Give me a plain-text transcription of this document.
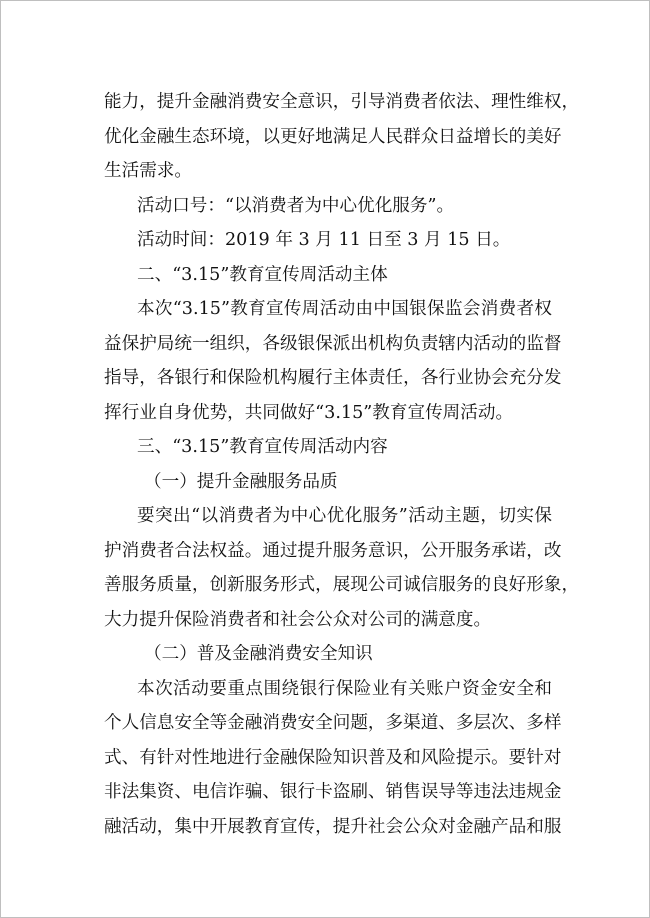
能力，提升金融消费安全意识，引导消费者依法、理性维权，
优化金融生态环境，以更好地满足人民群众日益增长的美好
生活需求。
活动口号：“以消费者为中心优化服务”。
活动时间：2019 年 3 月 11 日至 3 月 15 日。
二、“3.15”教育宣传周活动主体
本次“3.15”教育宣传周活动由中国银保监会消费者权
益保护局统一组织，各级银保派出机构负责辖内活动的监督
指导，各银行和保险机构履行主体责任，各行业协会充分发
挥行业自身优势，共同做好“3.15”教育宣传周活动。
三、“3.15”教育宣传周活动内容
（一）提升金融服务品质
要突出“以消费者为中心优化服务”活动主题，切实保
护消费者合法权益。通过提升服务意识，公开服务承诺，改
善服务质量，创新服务形式，展现公司诚信服务的良好形象，
大力提升保险消费者和社会公众对公司的满意度。
（二）普及金融消费安全知识
本次活动要重点围绕银行保险业有关账户资金安全和
个人信息安全等金融消费安全问题，多渠道、多层次、多样
式、有针对性地进行金融保险知识普及和风险提示。要针对
非法集资、电信诈骗、银行卡盗刷、销售误导等违法违规金
融活动，集中开展教育宣传，提升社会公众对金融产品和服
